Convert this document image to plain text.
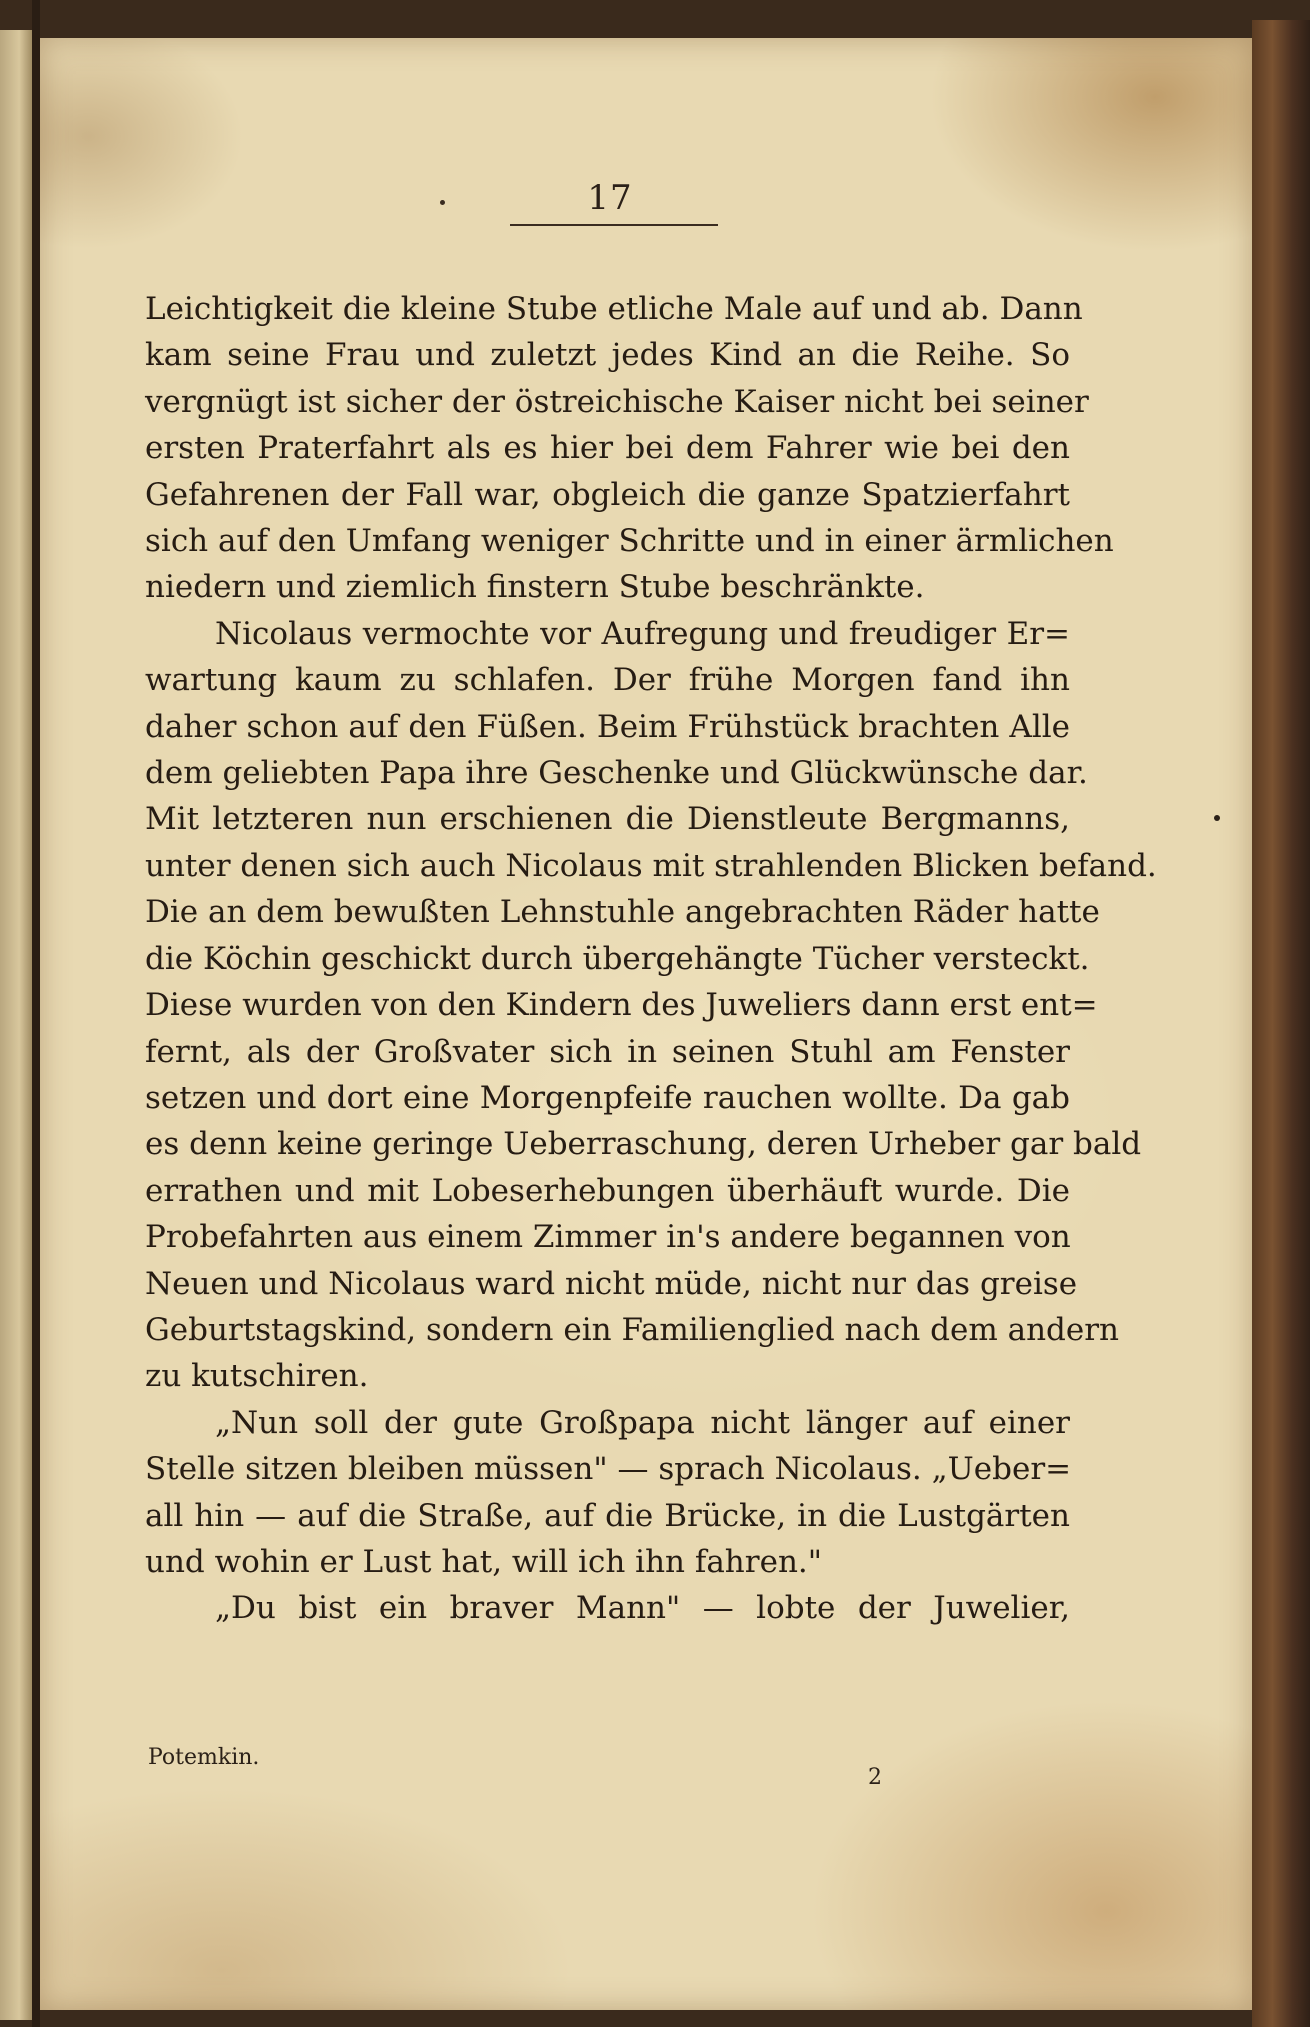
17
Leichtigkeit die kleine Stube etliche Male auf und ab. Dann
kam seine Frau und zuletzt jedes Kind an die Reihe. So
vergnügt ist sicher der östreichische Kaiser nicht bei seiner
ersten Praterfahrt als es hier bei dem Fahrer wie bei den
Gefahrenen der Fall war, obgleich die ganze Spatzierfahrt
sich auf den Umfang weniger Schritte und in einer ärmlichen
niedern und ziemlich finstern Stube beschränkte.
Nicolaus vermochte vor Aufregung und freudiger Er=
wartung kaum zu schlafen. Der frühe Morgen fand ihn
daher schon auf den Füßen. Beim Frühstück brachten Alle
dem geliebten Papa ihre Geschenke und Glückwünsche dar.
Mit letzteren nun erschienen die Dienstleute Bergmanns,
unter denen sich auch Nicolaus mit strahlenden Blicken befand.
Die an dem bewußten Lehnstuhle angebrachten Räder hatte
die Köchin geschickt durch übergehängte Tücher versteckt.
Diese wurden von den Kindern des Juweliers dann erst ent=
fernt, als der Großvater sich in seinen Stuhl am Fenster
setzen und dort eine Morgenpfeife rauchen wollte. Da gab
es denn keine geringe Ueberraschung, deren Urheber gar bald
errathen und mit Lobeserhebungen überhäuft wurde. Die
Probefahrten aus einem Zimmer in's andere begannen von
Neuen und Nicolaus ward nicht müde, nicht nur das greise
Geburtstagskind, sondern ein Familienglied nach dem andern
zu kutschiren.
„Nun soll der gute Großpapa nicht länger auf einer
Stelle sitzen bleiben müssen" — sprach Nicolaus. „Ueber=
all hin — auf die Straße, auf die Brücke, in die Lustgärten
und wohin er Lust hat, will ich ihn fahren."
„Du bist ein braver Mann" — lobte der Juwelier,
Potemkin.
2
